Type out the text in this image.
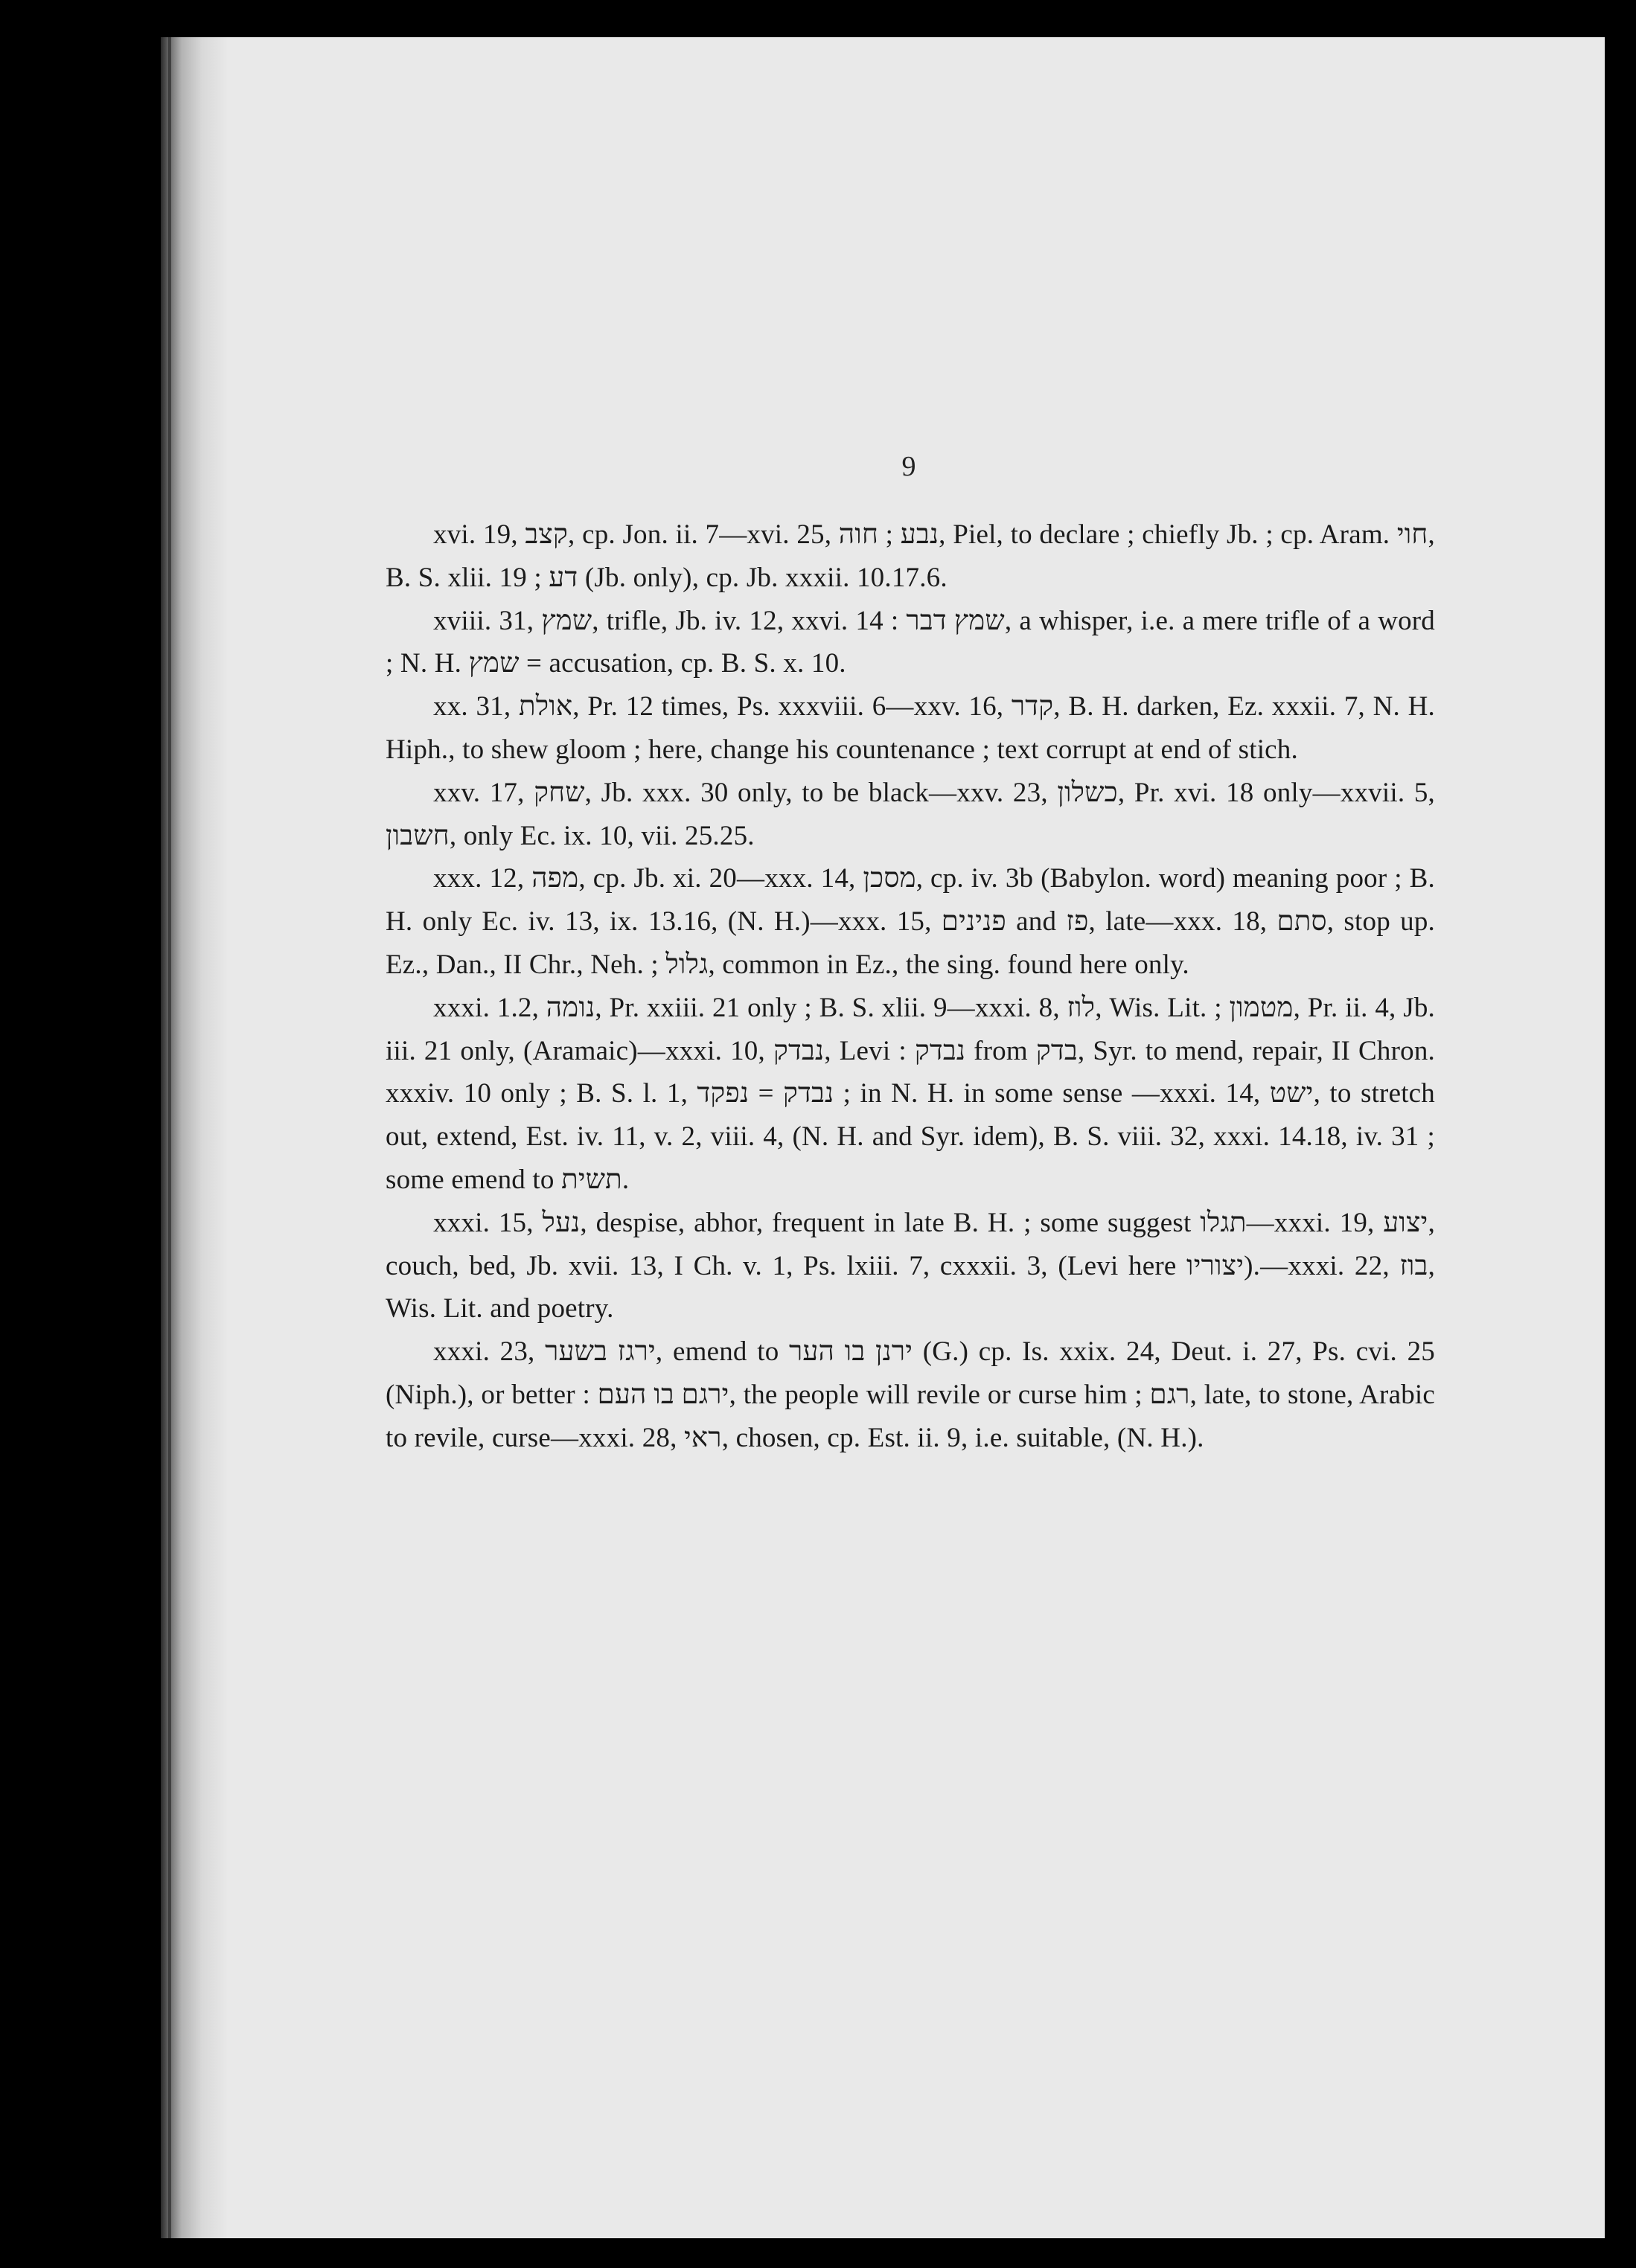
9

xvi. 19, קצב, cp. Jon. ii. 7—xvi. 25, נבע ; חוה, Piel, to declare ; chiefly Jb. ; cp. Aram. חוי, B. S. xlii. 19 ; דע (Jb. only), cp. Jb. xxxii. 10.17.6.

xviii. 31, שמץ, trifle, Jb. iv. 12, xxvi. 14 : שמץ דבר, a whisper, i.e. a mere trifle of a word ; N. H. שמץ = accusation, cp. B. S. x. 10.

xx. 31, אולת, Pr. 12 times, Ps. xxxviii. 6—xxv. 16, קדר, B. H. darken, Ez. xxxii. 7, N. H. Hiph., to shew gloom ; here, change his countenance ; text corrupt at end of stich.

xxv. 17, שחק, Jb. xxx. 30 only, to be black—xxv. 23, כשלון, Pr. xvi. 18 only—xxvii. 5, חשבון, only Ec. ix. 10, vii. 25.25.

xxx. 12, מפה, cp. Jb. xi. 20—xxx. 14, מסכן, cp. iv. 3b (Babylon. word) meaning poor ; B. H. only Ec. iv. 13, ix. 13.16, (N. H.)—xxx. 15, פנינים and פז, late—xxx. 18, סתם, stop up. Ez., Dan., II Chr., Neh. ; גלול, common in Ez., the sing. found here only.

xxxi. 1.2, נומה, Pr. xxiii. 21 only ; B. S. xlii. 9—xxxi. 8, לוז, Wis. Lit. ; מטמון, Pr. ii. 4, Jb. iii. 21 only, (Aramaic)—xxxi. 10, נבדק, Levi : נבדק from בדק, Syr. to mend, repair, II Chron. xxxiv. 10 only ; B. S. l. 1, נבדק = נפקד ; in N. H. in some sense —xxxi. 14, ישט, to stretch out, extend, Est. iv. 11, v. 2, viii. 4, (N. H. and Syr. idem), B. S. viii. 32, xxxi. 14.18, iv. 31 ; some emend to תשית.

xxxi. 15, נעל, despise, abhor, frequent in late B. H. ; some suggest תגלו—xxxi. 19, יצוע, couch, bed, Jb. xvii. 13, I Ch. v. 1, Ps. lxiii. 7, cxxxii. 3, (Levi here יצוריו).—xxxi. 22, בוז, Wis. Lit. and poetry.

xxxi. 23, ירגז בשער, emend to ירנן בו הער (G.) cp. Is. xxix. 24, Deut. i. 27, Ps. cvi. 25 (Niph.), or better : ירגם בו העם, the people will revile or curse him ; רגם, late, to stone, Arabic to revile, curse—xxxi. 28, ראי, chosen, cp. Est. ii. 9, i.e. suitable, (N. H.).
